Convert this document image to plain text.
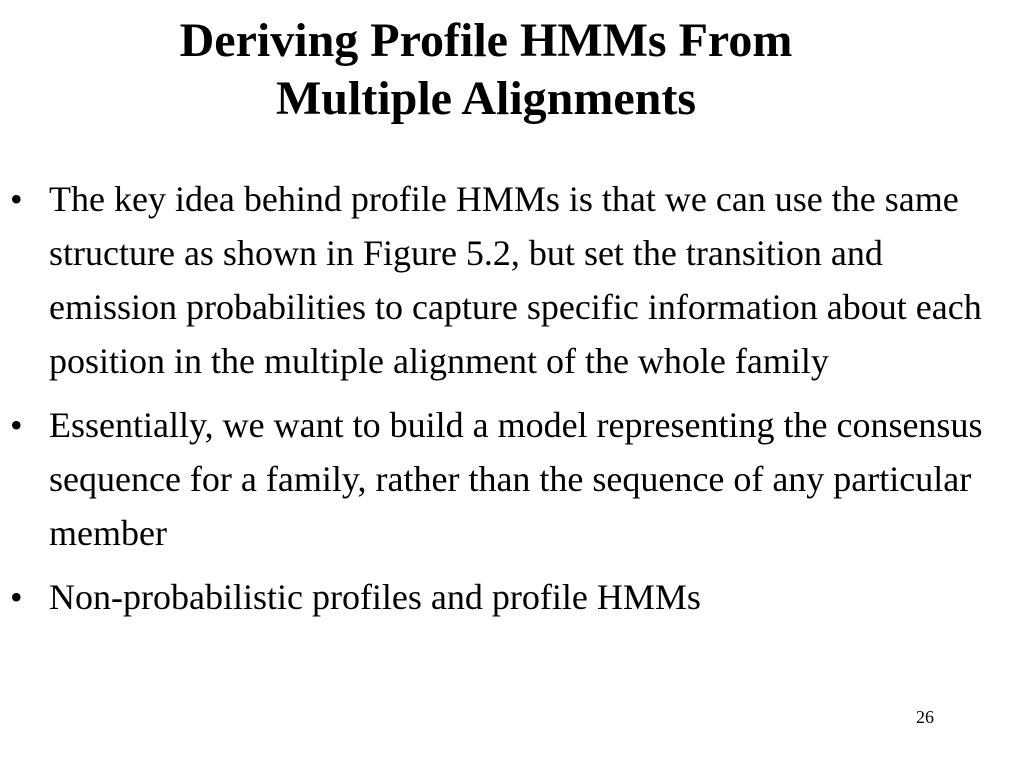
Deriving Profile HMMs From
Multiple Alignments
• The key idea behind profile HMMs is that we can use the same structure as shown in Figure 5.2, but set the transition and emission probabilities to capture specific information about each position in the multiple alignment of the whole family
• Essentially, we want to build a model representing the consensus sequence for a family, rather than the sequence of any particular member
• Non-probabilistic profiles and profile HMMs
26
